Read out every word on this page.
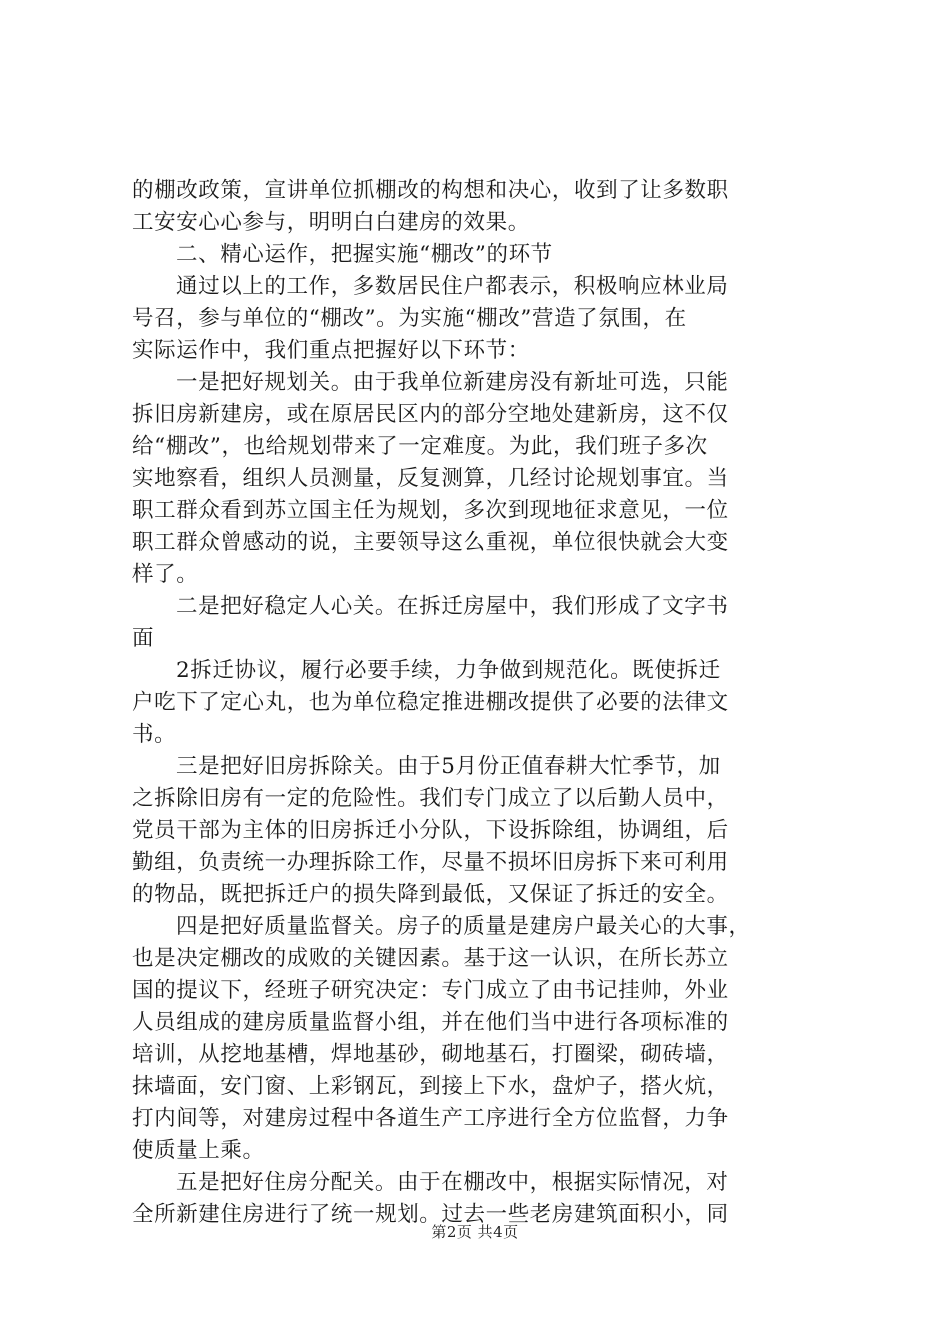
的棚改政策，宣讲单位抓棚改的构想和决心，收到了让多数职
工安安心心参与，明明白白建房的效果。
二、精心运作，把握实施“棚改”的环节
通过以上的工作，多数居民住户都表示，积极响应林业局
号召，参与单位的“棚改”。为实施“棚改”营造了氛围，在
实际运作中，我们重点把握好以下环节：
一是把好规划关。由于我单位新建房没有新址可选，只能
拆旧房新建房，或在原居民区内的部分空地处建新房，这不仅
给“棚改”，也给规划带来了一定难度。为此，我们班子多次
实地察看，组织人员测量，反复测算，几经讨论规划事宜。当
职工群众看到苏立国主任为规划，多次到现地征求意见，一位
职工群众曾感动的说，主要领导这么重视，单位很快就会大变
样了。
二是把好稳定人心关。在拆迁房屋中，我们形成了文字书
面
2拆迁协议，履行必要手续，力争做到规范化。既使拆迁
户吃下了定心丸，也为单位稳定推进棚改提供了必要的法律文
书。
三是把好旧房拆除关。由于5月份正值春耕大忙季节，加
之拆除旧房有一定的危险性。我们专门成立了以后勤人员中，
党员干部为主体的旧房拆迁小分队，下设拆除组，协调组，后
勤组，负责统一办理拆除工作，尽量不损坏旧房拆下来可利用
的物品，既把拆迁户的损失降到最低，又保证了拆迁的安全。
四是把好质量监督关。房子的质量是建房户最关心的大事，
也是决定棚改的成败的关键因素。基于这一认识，在所长苏立
国的提议下，经班子研究决定：专门成立了由书记挂帅，外业
人员组成的建房质量监督小组，并在他们当中进行各项标准的
培训，从挖地基槽，焊地基砂，砌地基石，打圈梁，砌砖墙，
抹墙面，安门窗、上彩钢瓦，到接上下水，盘炉子，搭火炕，
打内间等，对建房过程中各道生产工序进行全方位监督，力争
使质量上乘。
五是把好住房分配关。由于在棚改中，根据实际情况，对
全所新建住房进行了统一规划。过去一些老房建筑面积小，同
第2页 共4页
